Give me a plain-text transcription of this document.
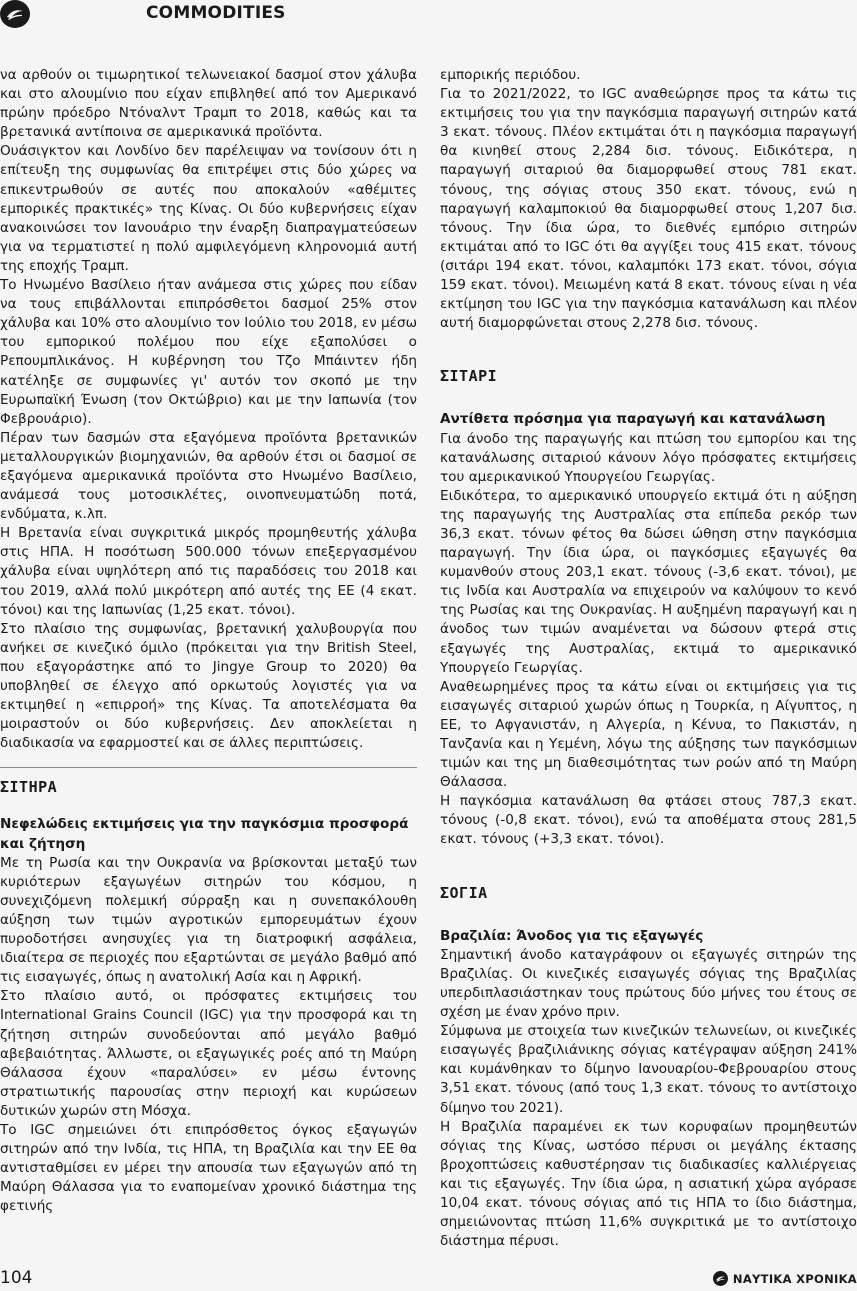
COMMODITIES

να αρθούν οι τιμωρητικοί τελωνειακοί δασμοί στον χάλυβα και στο αλουμίνιο που είχαν επιβληθεί από τον Αμερικανό πρώην πρόεδρο Ντόναλντ Τραμπ το 2018, καθώς και τα βρετανικά αντίποινα σε αμερικανικά προϊόντα.

Ουάσιγκτον και Λονδίνο δεν παρέλειψαν να τονίσουν ότι η επίτευξη της συμφωνίας θα επιτρέψει στις δύο χώρες να επικεντρωθούν σε αυτές που αποκαλούν «αθέμιτες εμπορικές πρακτικές» της Κίνας. Οι δύο κυβερνήσεις είχαν ανακοινώσει τον Ιανουάριο την έναρξη διαπραγματεύσεων για να τερματιστεί η πολύ αμφιλεγόμενη κληρονομιά αυτή της εποχής Τραμπ.

Το Ηνωμένο Βασίλειο ήταν ανάμεσα στις χώρες που είδαν να τους επιβάλλονται επιπρόσθετοι δασμοί 25% στον χάλυβα και 10% στο αλουμίνιο τον Ιούλιο του 2018, εν μέσω του εμπορικού πολέμου που είχε εξαπολύσει ο Ρεπουμπλικάνος. Η κυβέρνηση του Τζο Μπάιντεν ήδη κατέληξε σε συμφωνίες γι' αυτόν τον σκοπό με την Ευρωπαϊκή Ένωση (τον Οκτώβριο) και με την Ιαπωνία (τον Φεβρουάριο).

Πέραν των δασμών στα εξαγόμενα προϊόντα βρετανικών μεταλλουργικών βιομηχανιών, θα αρθούν έτσι οι δασμοί σε εξαγόμενα αμερικανικά προϊόντα στο Ηνωμένο Βασίλειο, ανάμεσά τους μοτοσικλέτες, οινοπνευματώδη ποτά, ενδύματα, κ.λπ.

Η Βρετανία είναι συγκριτικά μικρός προμηθευτής χάλυβα στις ΗΠΑ. Η ποσότωση 500.000 τόνων επεξεργασμένου χάλυβα είναι υψηλότερη από τις παραδόσεις του 2018 και του 2019, αλλά πολύ μικρότερη από αυτές της ΕΕ (4 εκατ. τόνοι) και της Ιαπωνίας (1,25 εκατ. τόνοι).

Στο πλαίσιο της συμφωνίας, βρετανική χαλυβουργία που ανήκει σε κινεζικό όμιλο (πρόκειται για την British Steel, που εξαγοράστηκε από το Jingye Group το 2020) θα υποβληθεί σε έλεγχο από ορκωτούς λογιστές για να εκτιμηθεί η «επιρροή» της Κίνας. Τα αποτελέσματα θα μοιραστούν οι δύο κυβερνήσεις. Δεν αποκλείεται η διαδικασία να εφαρμοστεί και σε άλλες περιπτώσεις.

ΣΙΤΗΡΑ

Νεφελώδεις εκτιμήσεις για την παγκόσμια προσφορά και ζήτηση

Με τη Ρωσία και την Ουκρανία να βρίσκονται μεταξύ των κυριότερων εξαγωγέων σιτηρών του κόσμου, η συνεχιζόμενη πολεμική σύρραξη και η συνεπακόλουθη αύξηση των τιμών αγροτικών εμπορευμάτων έχουν πυροδοτήσει ανησυχίες για τη διατροφική ασφάλεια, ιδιαίτερα σε περιοχές που εξαρτώνται σε μεγάλο βαθμό από τις εισαγωγές, όπως η ανατολική Ασία και η Αφρική.

Στο πλαίσιο αυτό, οι πρόσφατες εκτιμήσεις του International Grains Council (IGC) για την προσφορά και τη ζήτηση σιτηρών συνοδεύονται από μεγάλο βαθμό αβεβαιότητας. Άλλωστε, οι εξαγωγικές ροές από τη Μαύρη Θάλασσα έχουν «παραλύσει» εν μέσω έντονης στρατιωτικής παρουσίας στην περιοχή και κυρώσεων δυτικών χωρών στη Μόσχα.

Το IGC σημειώνει ότι επιπρόσθετος όγκος εξαγωγών σιτηρών από την Ινδία, τις ΗΠΑ, τη Βραζιλία και την ΕΕ θα αντισταθμίσει εν μέρει την απουσία των εξαγωγών από τη Μαύρη Θάλασσα για το εναπομείναν χρονικό διάστημα της φετινής

εμπορικής περιόδου.

Για το 2021/2022, το IGC αναθεώρησε προς τα κάτω τις εκτιμήσεις του για την παγκόσμια παραγωγή σιτηρών κατά 3 εκατ. τόνους. Πλέον εκτιμάται ότι η παγκόσμια παραγωγή θα κινηθεί στους 2,284 δισ. τόνους. Ειδικότερα, η παραγωγή σιταριού θα διαμορφωθεί στους 781 εκατ. τόνους, της σόγιας στους 350 εκατ. τόνους, ενώ η παραγωγή καλαμποκιού θα διαμορφωθεί στους 1,207 δισ. τόνους. Την ίδια ώρα, το διεθνές εμπόριο σιτηρών εκτιμάται από το IGC ότι θα αγγίξει τους 415 εκατ. τόνους (σιτάρι 194 εκατ. τόνοι, καλαμπόκι 173 εκατ. τόνοι, σόγια 159 εκατ. τόνοι). Μειωμένη κατά 8 εκατ. τόνους είναι η νέα εκτίμηση του IGC για την παγκόσμια κατανάλωση και πλέον αυτή διαμορφώνεται στους 2,278 δισ. τόνους.

ΣΙΤΑΡΙ

Αντίθετα πρόσημα για παραγωγή και κατανάλωση

Για άνοδο της παραγωγής και πτώση του εμπορίου και της κατανάλωσης σιταριού κάνουν λόγο πρόσφατες εκτιμήσεις του αμερικανικού Υπουργείου Γεωργίας.

Ειδικότερα, το αμερικανικό υπουργείο εκτιμά ότι η αύξηση της παραγωγής της Αυστραλίας στα επίπεδα ρεκόρ των 36,3 εκατ. τόνων φέτος θα δώσει ώθηση στην παγκόσμια παραγωγή. Την ίδια ώρα, οι παγκόσμιες εξαγωγές θα κυμανθούν στους 203,1 εκατ. τόνους (-3,6 εκατ. τόνοι), με τις Ινδία και Αυστραλία να επιχειρούν να καλύψουν το κενό της Ρωσίας και της Ουκρανίας. Η αυξημένη παραγωγή και η άνοδος των τιμών αναμένεται να δώσουν φτερά στις εξαγωγές της Αυστραλίας, εκτιμά το αμερικανικό Υπουργείο Γεωργίας.

Αναθεωρημένες προς τα κάτω είναι οι εκτιμήσεις για τις εισαγωγές σιταριού χωρών όπως η Τουρκία, η Αίγυπτος, η ΕΕ, το Αφγανιστάν, η Αλγερία, η Κένυα, το Πακιστάν, η Τανζανία και η Υεμένη, λόγω της αύξησης των παγκόσμιων τιμών και της μη διαθεσιμότητας των ροών από τη Μαύρη Θάλασσα.

Η παγκόσμια κατανάλωση θα φτάσει στους 787,3 εκατ. τόνους (-0,8 εκατ. τόνοι), ενώ τα αποθέματα στους 281,5 εκατ. τόνους (+3,3 εκατ. τόνοι).

ΣΟΓΙΑ

Βραζιλία: Άνοδος για τις εξαγωγές

Σημαντική άνοδο καταγράφουν οι εξαγωγές σιτηρών της Βραζιλίας. Οι κινεζικές εισαγωγές σόγιας της Βραζιλίας υπερδιπλασιάστηκαν τους πρώτους δύο μήνες του έτους σε σχέση με έναν χρόνο πριν.

Σύμφωνα με στοιχεία των κινεζικών τελωνείων, οι κινεζικές εισαγωγές βραζιλιάνικης σόγιας κατέγραψαν αύξηση 241% και κυμάνθηκαν το δίμηνο Ιανουαρίου-Φεβρουαρίου στους 3,51 εκατ. τόνους (από τους 1,3 εκατ. τόνους το αντίστοιχο δίμηνο του 2021).

Η Βραζιλία παραμένει εκ των κορυφαίων προμηθευτών σόγιας της Κίνας, ωστόσο πέρυσι οι μεγάλης έκτασης βροχοπτώσεις καθυστέρησαν τις διαδικασίες καλλιέργειας και τις εξαγωγές. Την ίδια ώρα, η ασιατική χώρα αγόρασε 10,04 εκατ. τόνους σόγιας από τις ΗΠΑ το ίδιο διάστημα, σημειώνοντας πτώση 11,6% συγκριτικά με το αντίστοιχο διάστημα πέρυσι.

104	ΝΑΥΤΙΚΑ ΧΡΟΝΙΚΑ
